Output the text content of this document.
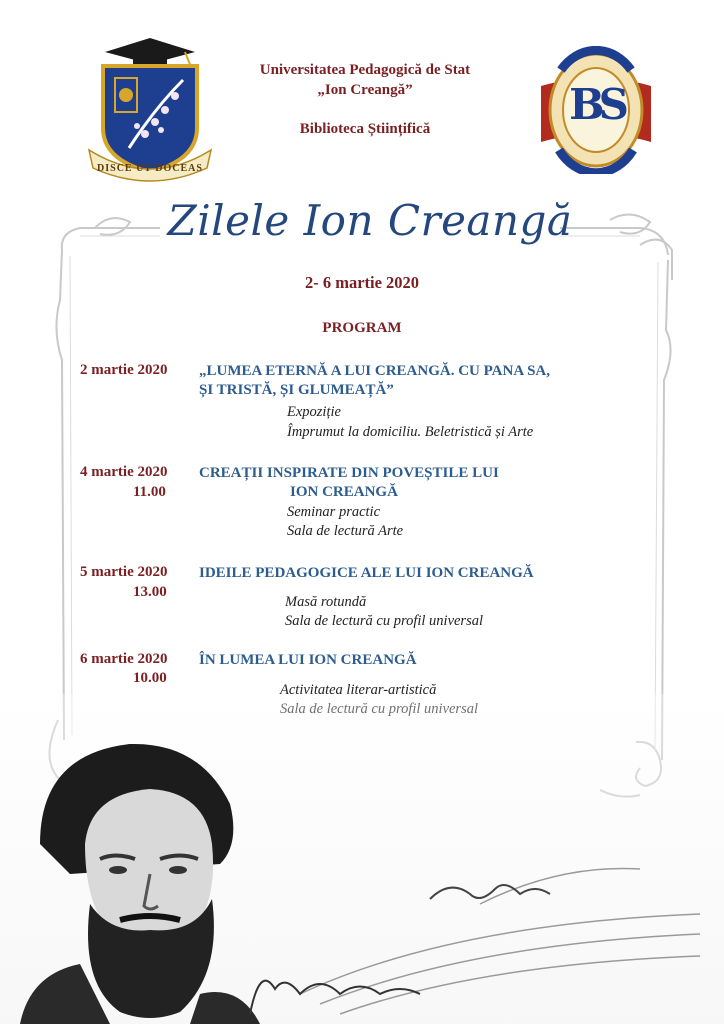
DISCE UT DOCEAS
BS
Universitatea Pedagogică de Stat
„Ion Creangă”
Biblioteca Științifică
Zilele Ion Creangă
2- 6 martie 2020
PROGRAM
2 martie 2020 „LUMEA ETERNĂ A LUI CREANGĂ. CU PANA SA,
ȘI TRISTĂ, ȘI GLUMEAȚĂ”
Expoziție
Împrumut la domiciliu. Beletristică și Arte
4 martie 2020
11.00
CREAȚII INSPIRATE DIN POVEȘTILE LUI
ION CREANGĂ
Seminar practic
Sala de lectură Arte
5 martie 2020
13.00
IDEILE PEDAGOGICE ALE LUI ION CREANGĂ
Masă rotundă
Sala de lectură cu profil universal
6 martie 2020
10.00
ÎN LUMEA LUI ION CREANGĂ
Activitatea literar-artistică
Sala de lectură cu profil universal
